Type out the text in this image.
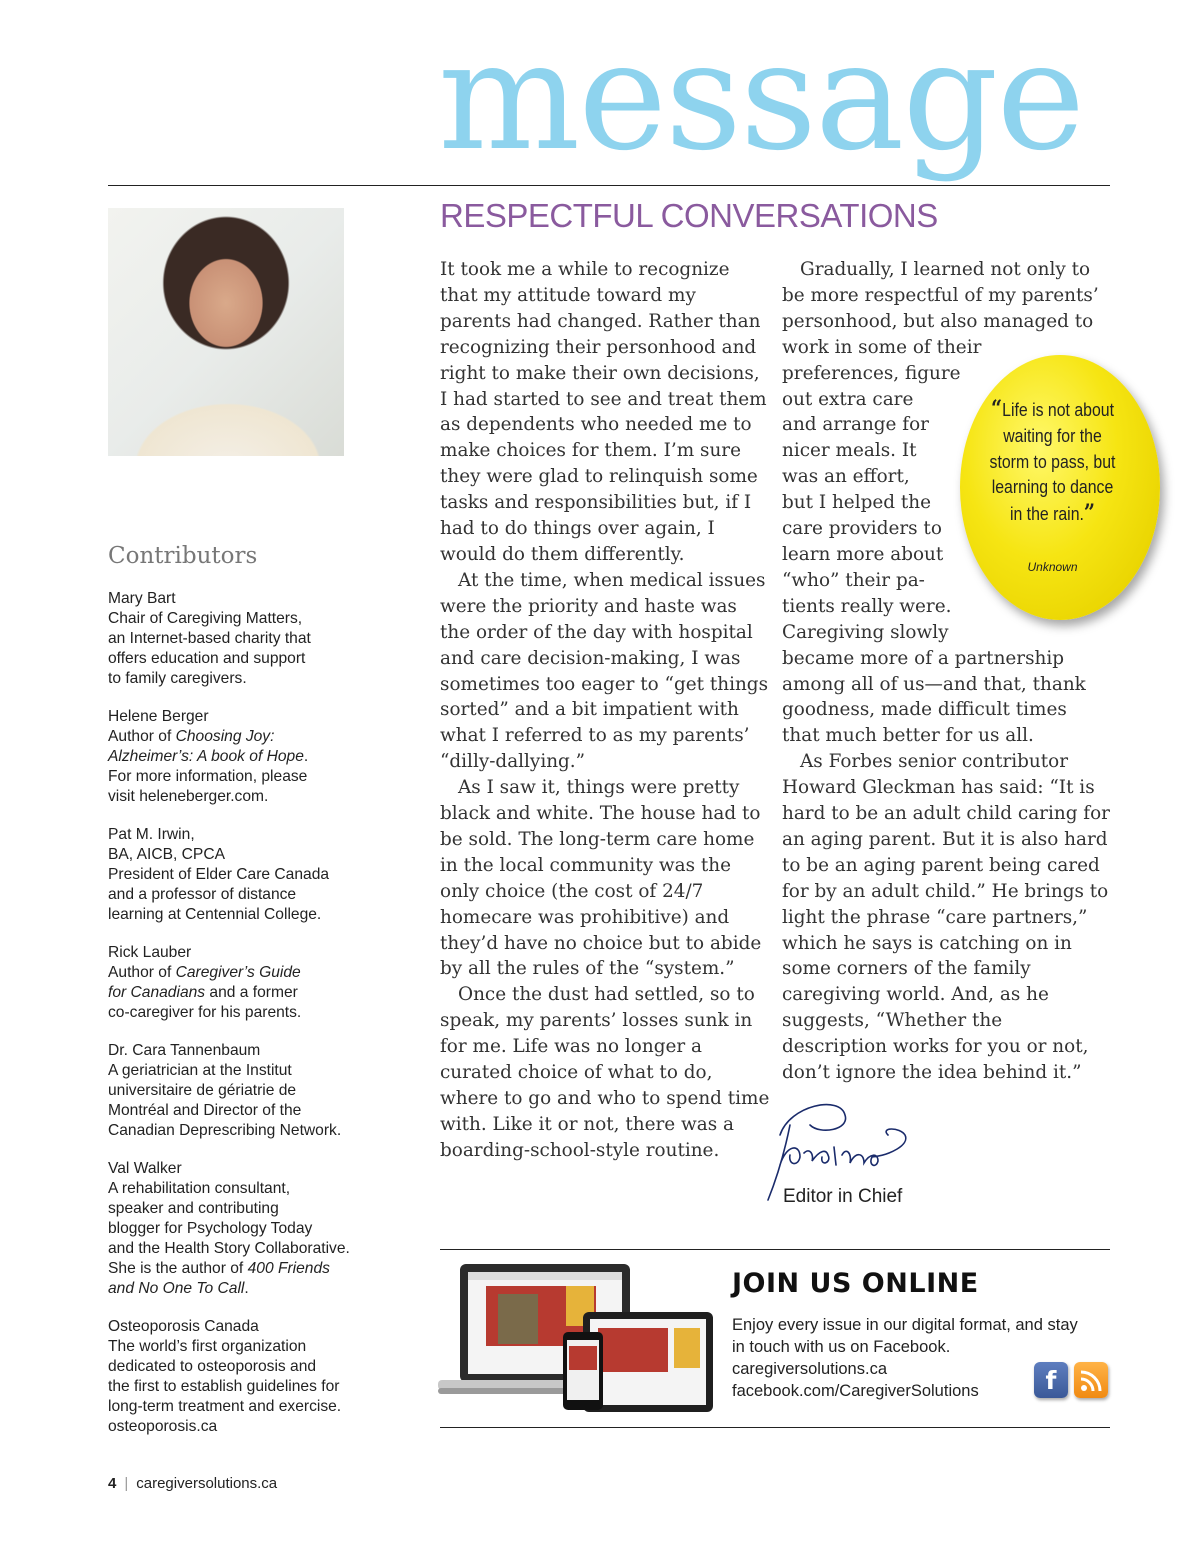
message
RESPECTFUL CONVERSATIONS

It took me a while to recognize that my attitude toward my parents had changed. Rather than recognizing their personhood and right to make their own decisions, I had started to see and treat them as dependents who needed me to make choices for them. I’m sure they were glad to relinquish some tasks and responsibilities but, if I had to do things over again, I would do them differently.

At the time, when medical issues were the priority and haste was the order of the day with hospital and care decision-making, I was sometimes too eager to “get things sorted” and a bit impatient with what I referred to as my parents’ “dilly-dallying.”

As I saw it, things were pretty black and white. The house had to be sold. The long-term care home in the local community was the only choice (the cost of 24/7 homecare was prohibitive) and they’d have no choice but to abide by all the rules of the “system.”

Once the dust had settled, so to speak, my parents’ losses sunk in for me. Life was no longer a curated choice of what to do, where to go and who to spend time with. Like it or not, there was a boarding-school-style routine.

Gradually, I learned not only to
be more respectful of my parents’
personhood, but also managed to
work in some of their
preferences, figure
out extra care
and arrange for
nicer meals. It
was an effort,
but I helped the
care providers to
learn more about
“who” their pa-
tients really were.
Caregiving slowly
became more of a partnership
among all of us—and that, thank
goodness, made difficult times
that much better for us all.

As Forbes senior contributor Howard Gleckman has said: “It is hard to be an adult child caring for an aging parent. But it is also hard to be an aging parent being cared for by an adult child.” He brings to light the phrase “care partners,” which he says is catching on in some corners of the family caregiving world. And, as he suggests, “Whether the description works for you or not, don’t ignore the idea behind it.”

“Life is not about waiting for the storm to pass, but learning to dance in the rain.”
Unknown
Editor in Chief
Contributors
Mary Bart
Chair of Caregiving Matters,
an Internet-based charity that
offers education and support
to family caregivers.
Helene Berger
Author of Choosing Joy:
Alzheimer’s: A book of Hope.
For more information, please
visit heleneberger.com.
Pat M. Irwin,
BA, AICB, CPCA
President of Elder Care Canada
and a professor of distance
learning at Centennial College.
Rick Lauber
Author of Caregiver’s Guide
for Canadians and a former
co-caregiver for his parents.
Dr. Cara Tannenbaum
A geriatrician at the Institut
universitaire de gériatrie de
Montréal and Director of the
Canadian Deprescribing Network.
Val Walker
A rehabilitation consultant,
speaker and contributing
blogger for Psychology Today
and the Health Story Collaborative.
She is the author of 400 Friends
and No One To Call.
Osteoporosis Canada
The world’s first organization
dedicated to osteoporosis and
the first to establish guidelines for
long-term treatment and exercise.
osteoporosis.ca
JOIN US ONLINE
Enjoy every issue in our digital format, and stay
in touch with us on Facebook.
caregiversolutions.ca
facebook.com/CaregiverSolutions	f
4 | caregiversolutions.ca
